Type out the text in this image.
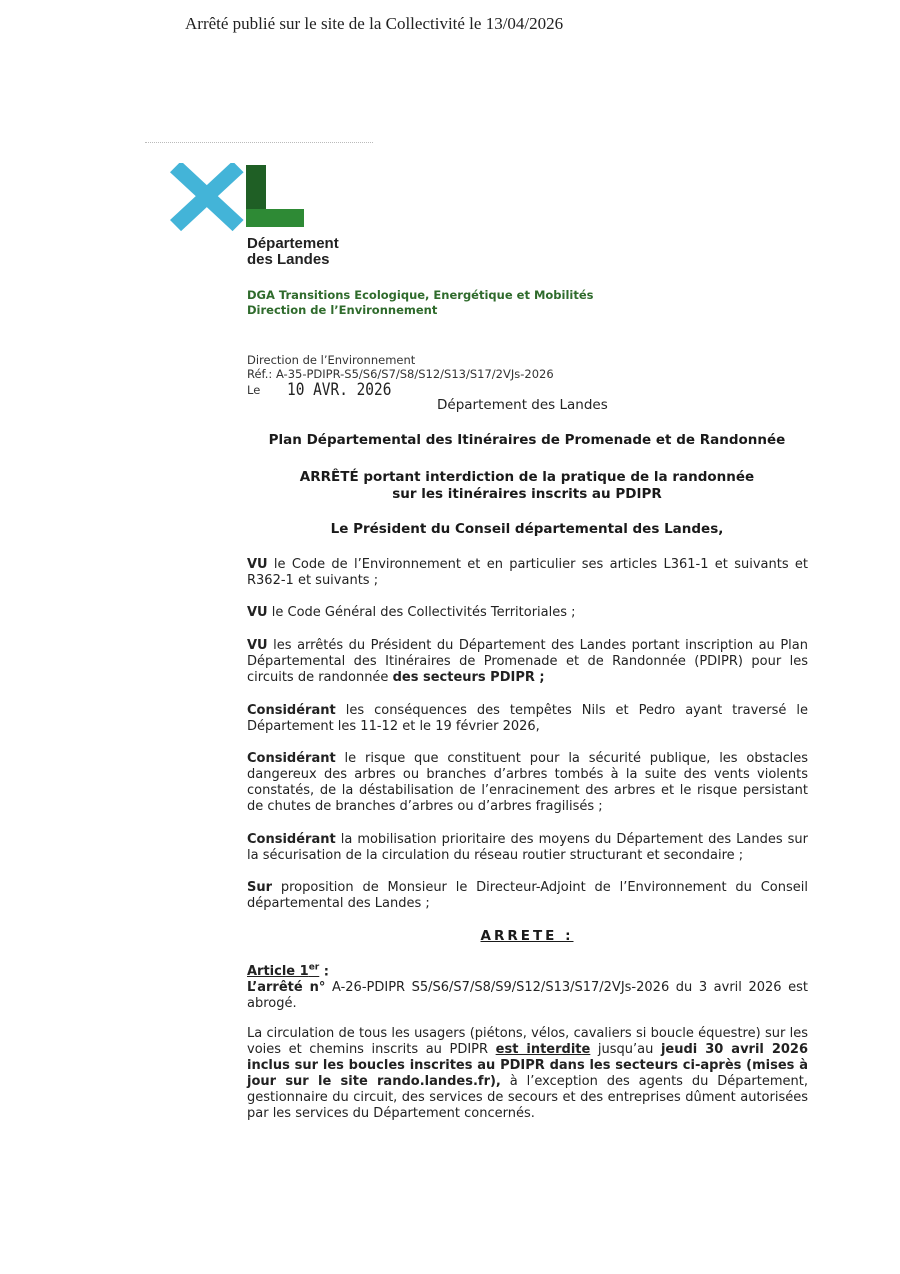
Arrêté publié sur le site de la Collectivité le 13/04/2026
Département
des Landes
DGA Transitions Ecologique, Energétique et Mobilités
Direction de l’Environnement
Direction de l’Environnement
Réf.: A-35-PDIPR-S5/S6/S7/S8/S12/S13/S17/2VJs-2026
Le 10 AVR. 2026
Département des Landes
Plan Départemental des Itinéraires de Promenade et de Randonnée
ARRÊTÉ portant interdiction de la pratique de la randonnée
sur les itinéraires inscrits au PDIPR
Le Président du Conseil départemental des Landes,
VU le Code de l’Environnement et en particulier ses articles L361-1 et suivants et R362-1 et suivants ;
VU le Code Général des Collectivités Territoriales ;
VU les arrêtés du Président du Département des Landes portant inscription au Plan Départemental des Itinéraires de Promenade et de Randonnée (PDIPR) pour les circuits de randonnée des secteurs PDIPR ;
Considérant les conséquences des tempêtes Nils et Pedro ayant traversé le Département les 11-12 et le 19 février 2026,
Considérant le risque que constituent pour la sécurité publique, les obstacles dangereux des arbres ou branches d’arbres tombés à la suite des vents violents constatés, de la déstabilisation de l’enracinement des arbres et le risque persistant de chutes de branches d’arbres ou d’arbres fragilisés ;
Considérant la mobilisation prioritaire des moyens du Département des Landes sur la sécurisation de la circulation du réseau routier structurant et secondaire ;
Sur proposition de Monsieur le Directeur-Adjoint de l’Environnement du Conseil départemental des Landes ;
ARRETE :
Article 1er :
L’arrêté n° A-26-PDIPR S5/S6/S7/S8/S9/S12/S13/S17/2VJs-2026 du 3 avril 2026 est abrogé.
La circulation de tous les usagers (piétons, vélos, cavaliers si boucle équestre) sur les voies et chemins inscrits au PDIPR est interdite jusqu’au jeudi 30 avril 2026 inclus sur les boucles inscrites au PDIPR dans les secteurs ci-après (mises à jour sur le site rando.landes.fr), à l’exception des agents du Département, gestionnaire du circuit, des services de secours et des entreprises dûment autorisées par les services du Département concernés.
